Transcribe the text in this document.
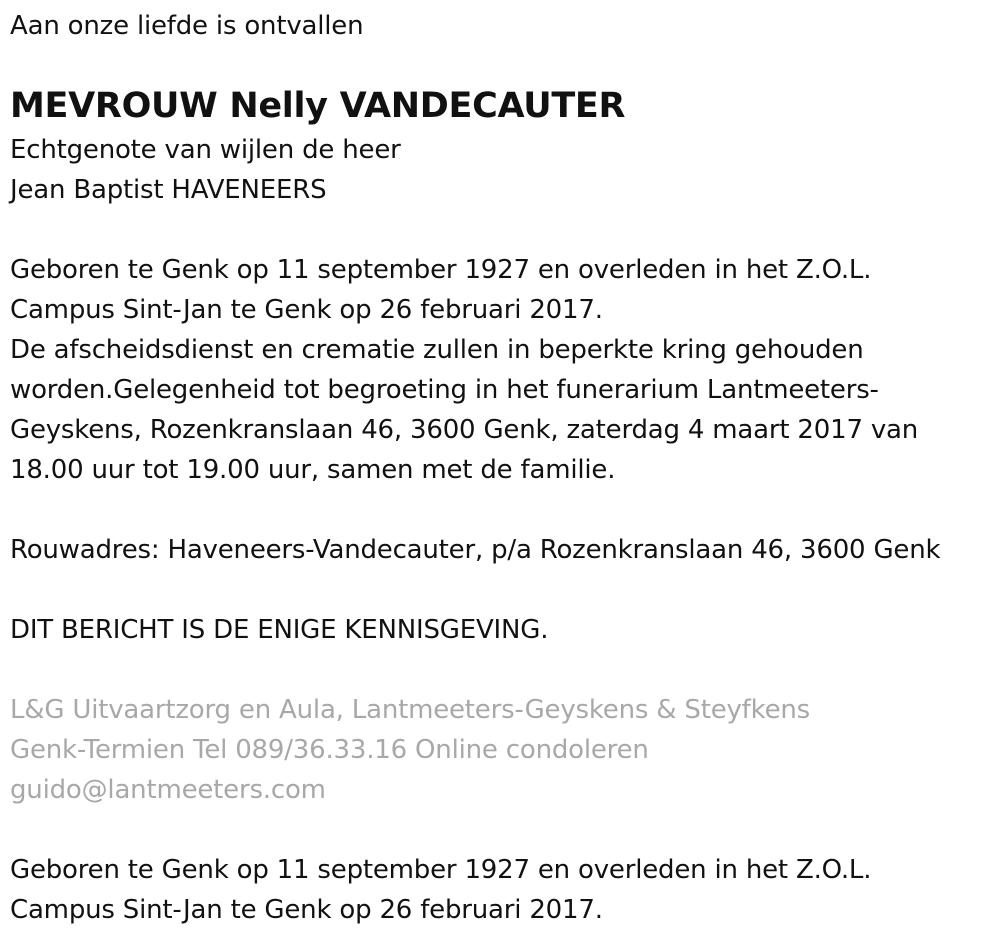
Aan onze liefde is ontvallen
MEVROUW Nelly VANDECAUTER
Echtgenote van wijlen de heer
Jean Baptist HAVENEERS
Geboren te Genk op 11 september 1927 en overleden in het Z.O.L.
Campus Sint-Jan te Genk op 26 februari 2017.
De afscheidsdienst en crematie zullen in beperkte kring gehouden
worden.Gelegenheid tot begroeting in het funerarium Lantmeeters-
Geyskens, Rozenkranslaan 46, 3600 Genk, zaterdag 4 maart 2017 van
18.00 uur tot 19.00 uur, samen met de familie.
Rouwadres: Haveneers-Vandecauter, p/a Rozenkranslaan 46, 3600 Genk
DIT BERICHT IS DE ENIGE KENNISGEVING.
L&G Uitvaartzorg en Aula, Lantmeeters-Geyskens & Steyfkens
Genk-Termien Tel 089/36.33.16 Online condoleren
guido@lantmeeters.com
Geboren te Genk op 11 september 1927 en overleden in het Z.O.L.
Campus Sint-Jan te Genk op 26 februari 2017.
